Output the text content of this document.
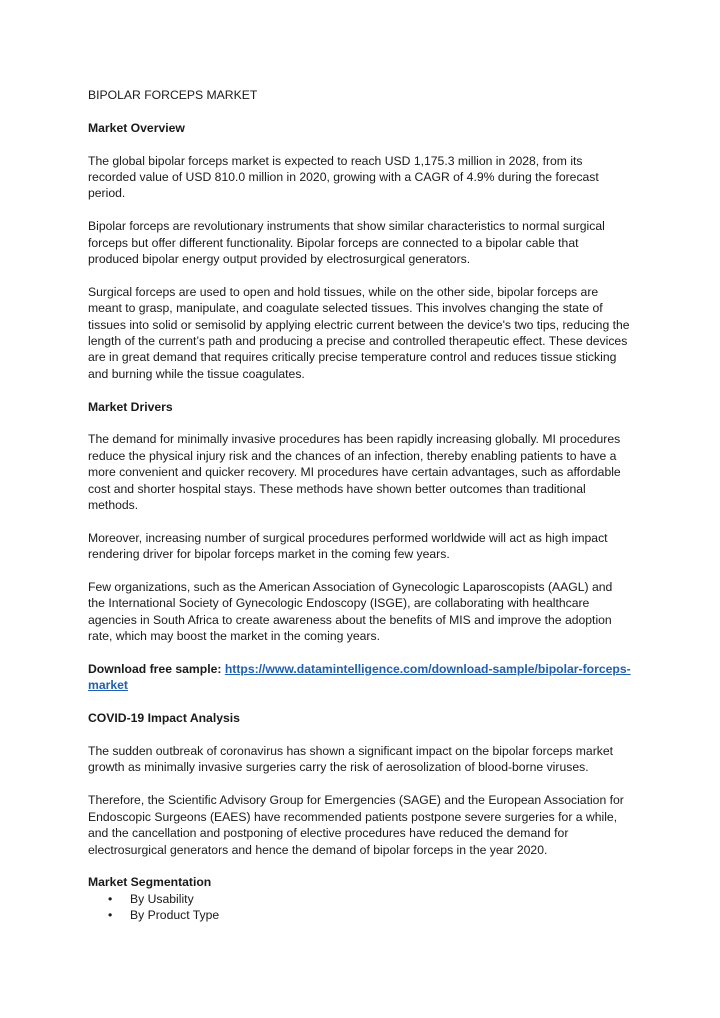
BIPOLAR FORCEPS MARKET
Market Overview

The global bipolar forceps market is expected to reach USD 1,175.3 million in 2028, from its recorded value of USD 810.0 million in 2020, growing with a CAGR of 4.9% during the forecast period.

Bipolar forceps are revolutionary instruments that show similar characteristics to normal surgical forceps but offer different functionality. Bipolar forceps are connected to a bipolar cable that produced bipolar energy output provided by electrosurgical generators.

Surgical forceps are used to open and hold tissues, while on the other side, bipolar forceps are meant to grasp, manipulate, and coagulate selected tissues. This involves changing the state of tissues into solid or semisolid by applying electric current between the device's two tips, reducing the length of the current’s path and producing a precise and controlled therapeutic effect. These devices are in great demand that requires critically precise temperature control and reduces tissue sticking and burning while the tissue coagulates.

Market Drivers

The demand for minimally invasive procedures has been rapidly increasing globally. MI procedures reduce the physical injury risk and the chances of an infection, thereby enabling patients to have a more convenient and quicker recovery. MI procedures have certain advantages, such as affordable cost and shorter hospital stays. These methods have shown better outcomes than traditional methods.

Moreover, increasing number of surgical procedures performed worldwide will act as high impact rendering driver for bipolar forceps market in the coming few years.

Few organizations, such as the American Association of Gynecologic Laparoscopists (AAGL) and the International Society of Gynecologic Endoscopy (ISGE), are collaborating with healthcare agencies in South Africa to create awareness about the benefits of MIS and improve the adoption rate, which may boost the market in the coming years.

Download free sample: https://www.datamintelligence.com/download-sample/bipolar-forceps-market
COVID-19 Impact Analysis

The sudden outbreak of coronavirus has shown a significant impact on the bipolar forceps market growth as minimally invasive surgeries carry the risk of aerosolization of blood-borne viruses.

Therefore, the Scientific Advisory Group for Emergencies (SAGE) and the European Association for Endoscopic Surgeons (EAES) have recommended patients postpone severe surgeries for a while, and the cancellation and postponing of elective procedures have reduced the demand for electrosurgical generators and hence the demand of bipolar forceps in the year 2020.

Market Segmentation
• By Usability
• By Product Type
